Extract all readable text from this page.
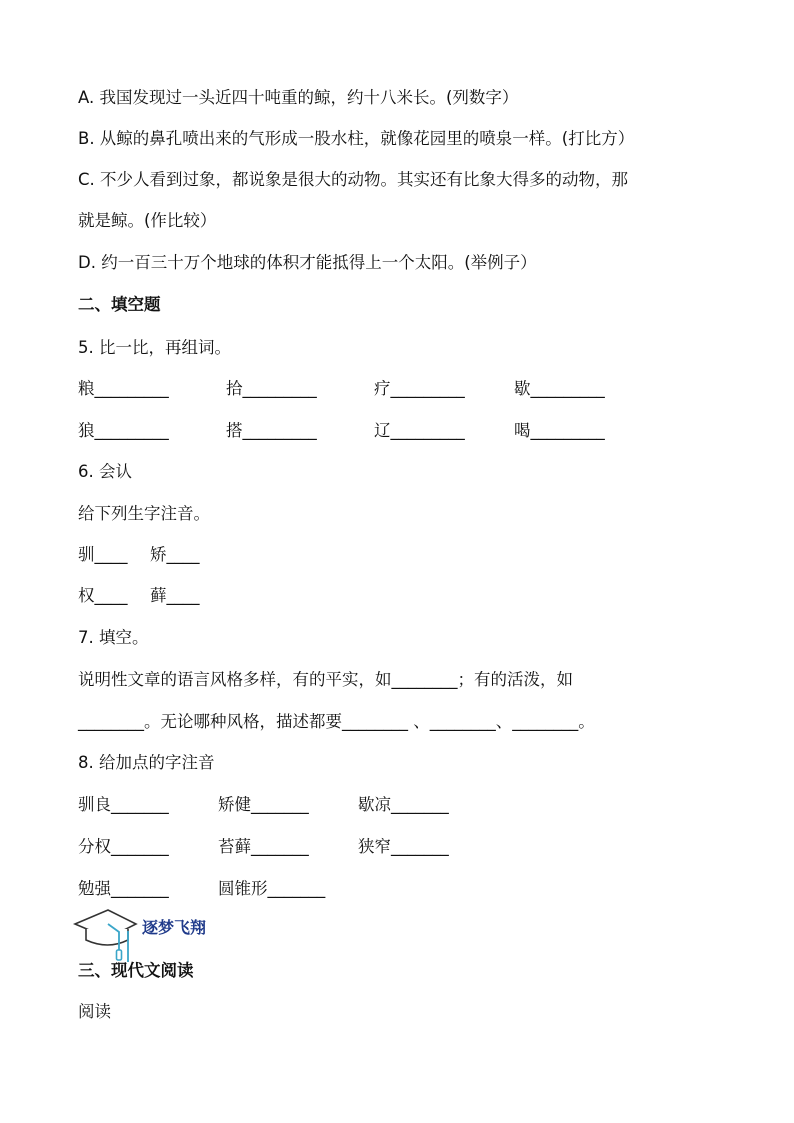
A. 我国发现过一头近四十吨重的鲸，约十八米长。(列数字）
B. 从鲸的鼻孔喷出来的气形成一股水柱，就像花园里的喷泉一样。(打比方）
C. 不少人看到过象，都说象是很大的动物。其实还有比象大得多的动物，那
就是鲸。(作比较）
D. 约一百三十万个地球的体积才能抵得上一个太阳。(举例子）
二、填空题
5. 比一比，再组词。
粮_________	拾_________	疗_________	歇_________
狼_________	搭_________	辽_________	喝_________
6. 会认
给下列生字注音。
驯____ 矫____
权____ 藓____
7. 填空。
说明性文章的语言风格多样，有的平实，如________；有的活泼，如
________。无论哪种风格，描述都要________ 、________、________。
8. 给加点的字注音
驯良_______	矫健_______	歇凉_______
分权_______	苔藓_______	狭窄_______
勉强_______	圆锥形_______
逐梦飞翔
三、现代文阅读
阅读
